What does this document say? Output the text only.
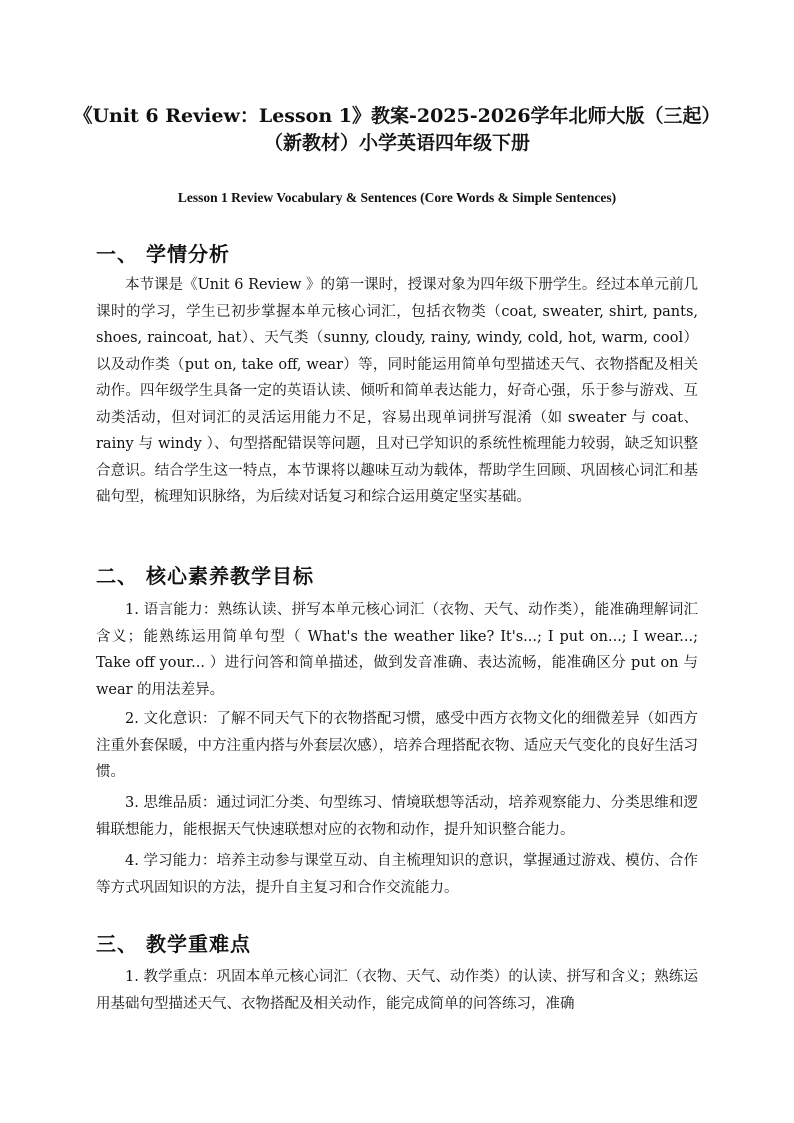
《Unit 6 Review：Lesson 1》教案-2025-2026学年北师大版（三起）
（新教材）小学英语四年级下册
Lesson 1 Review Vocabulary & Sentences (Core Words & Simple Sentences)
一、 学情分析
本节课是《Unit 6 Review 》的第一课时，授课对象为四年级下册学生。经过本单元前几课时的学习，学生已初步掌握本单元核心词汇，包括衣物类（coat, sweater, shirt, pants, shoes, raincoat, hat）、天气类（sunny, cloudy, rainy, windy, cold, hot, warm, cool）以及动作类（put on, take off, wear）等，同时能运用简单句型描述天气、衣物搭配及相关动作。四年级学生具备一定的英语认读、倾听和简单表达能力，好奇心强，乐于参与游戏、互动类活动，但对词汇的灵活运用能力不足，容易出现单词拼写混淆（如 sweater 与 coat、rainy 与 windy ）、句型搭配错误等问题，且对已学知识的系统性梳理能力较弱，缺乏知识整合意识。结合学生这一特点，本节课将以趣味互动为载体，帮助学生回顾、巩固核心词汇和基础句型，梳理知识脉络，为后续对话复习和综合运用奠定坚实基础。
二、 核心素养教学目标
1. 语言能力：熟练认读、拼写本单元核心词汇（衣物、天气、动作类），能准确理解词汇含义；能熟练运用简单句型（ What's the weather like? It's...; I put on...; I wear...; Take off your... ）进行问答和简单描述，做到发音准确、表达流畅，能准确区分 put on 与 wear 的用法差异。
2. 文化意识：了解不同天气下的衣物搭配习惯，感受中西方衣物文化的细微差异（如西方注重外套保暖，中方注重内搭与外套层次感），培养合理搭配衣物、适应天气变化的良好生活习惯。
3. 思维品质：通过词汇分类、句型练习、情境联想等活动，培养观察能力、分类思维和逻辑联想能力，能根据天气快速联想对应的衣物和动作，提升知识整合能力。
4. 学习能力：培养主动参与课堂互动、自主梳理知识的意识，掌握通过游戏、模仿、合作等方式巩固知识的方法，提升自主复习和合作交流能力。
三、 教学重难点
1. 教学重点：巩固本单元核心词汇（衣物、天气、动作类）的认读、拼写和含义；熟练运用基础句型描述天气、衣物搭配及相关动作，能完成简单的问答练习，准确
